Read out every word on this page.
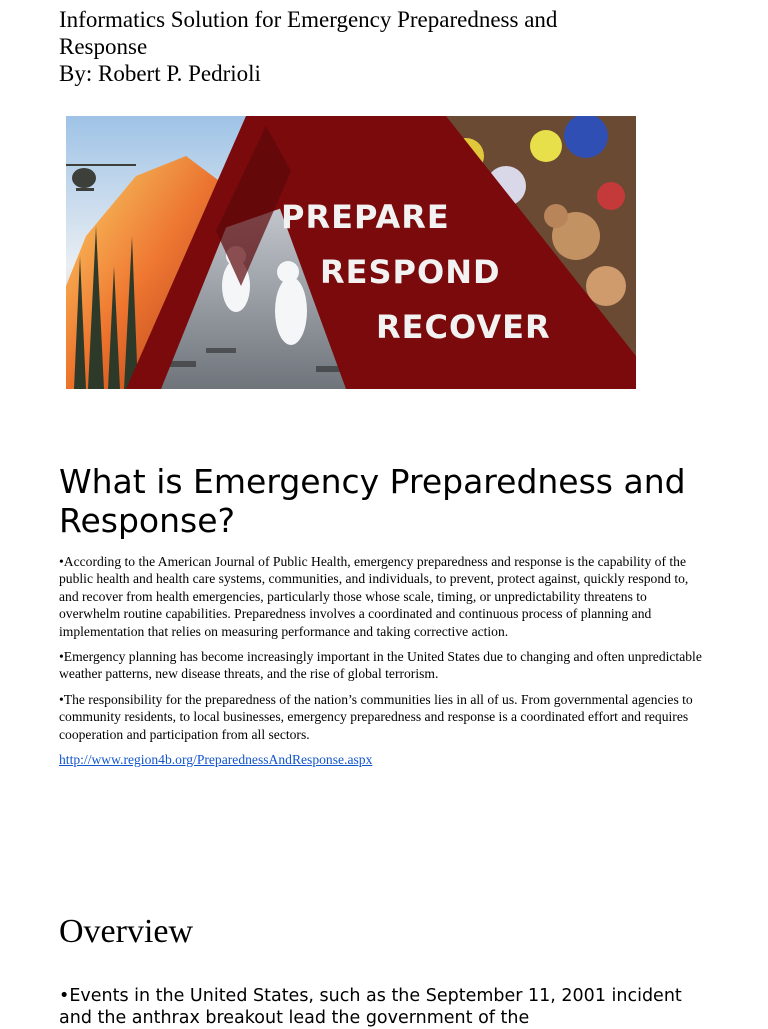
Informatics Solution for Emergency Preparedness and
Response
By: Robert P. Pedrioli
PREPARE
RESPOND
RECOVER
What is Emergency Preparedness and Response?

•According to the American Journal of Public Health, emergency preparedness and response is the capability of the public health and health care systems, communities, and individuals, to prevent, protect against, quickly respond to, and recover from health emergencies, particularly those whose scale, timing, or unpredictability threatens to overwhelm routine capabilities. Preparedness involves a coordinated and continuous process of planning and implementation that relies on measuring performance and taking corrective action.

•Emergency planning has become increasingly important in the United States due to changing and often unpredictable weather patterns, new disease threats, and the rise of global terrorism.

•The responsibility for the preparedness of the nation’s communities lies in all of us. From governmental agencies to community residents, to local businesses, emergency preparedness and response is a coordinated effort and requires cooperation and participation from all sectors.

http://www.region4b.org/PreparednessAndResponse.aspx

Overview

•Events in the United States, such as the September 11, 2001 incident and the anthrax breakout lead the government of the
